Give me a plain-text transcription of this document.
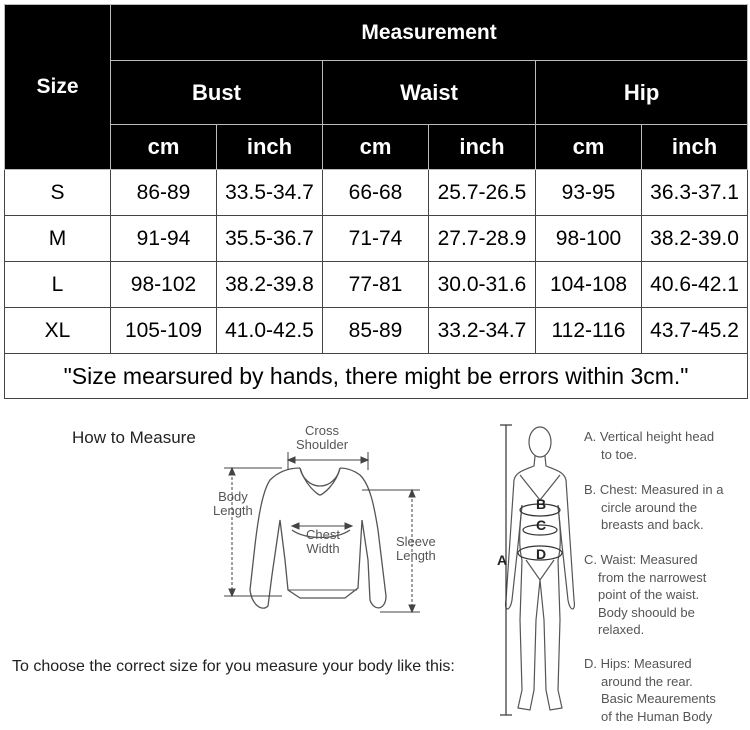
Size	Measurement					
	Bust		Waist		Hip	
	cm	inch	cm	inch	cm	inch
S	86-89	33.5-34.7	66-68	25.7-26.5	93-95	36.3-37.1
M	91-94	35.5-36.7	71-74	27.7-28.9	98-100	38.2-39.0
L	98-102	38.2-39.8	77-81	30.0-31.6	104-108	40.6-42.1
XL	105-109	41.0-42.5	85-89	33.2-34.7	112-116	43.7-45.2
"Size mearsured by hands, there might be errors within 3cm."						
How to Measure
To choose the correct size for you measure your body like this:
Cross
Shoulder
Body
Length
Chest
Width	Sleeve
Length	A
B
C
D

A. Vertical height head

to toe.

B. Chest: Measured in a

circle around the

breasts and back.

C. Waist: Measured

from the narrowest

point of the waist.

Body shoould be

relaxed.

D. Hips: Measured

around the rear.

Basic Meaurements

of the Human Body
